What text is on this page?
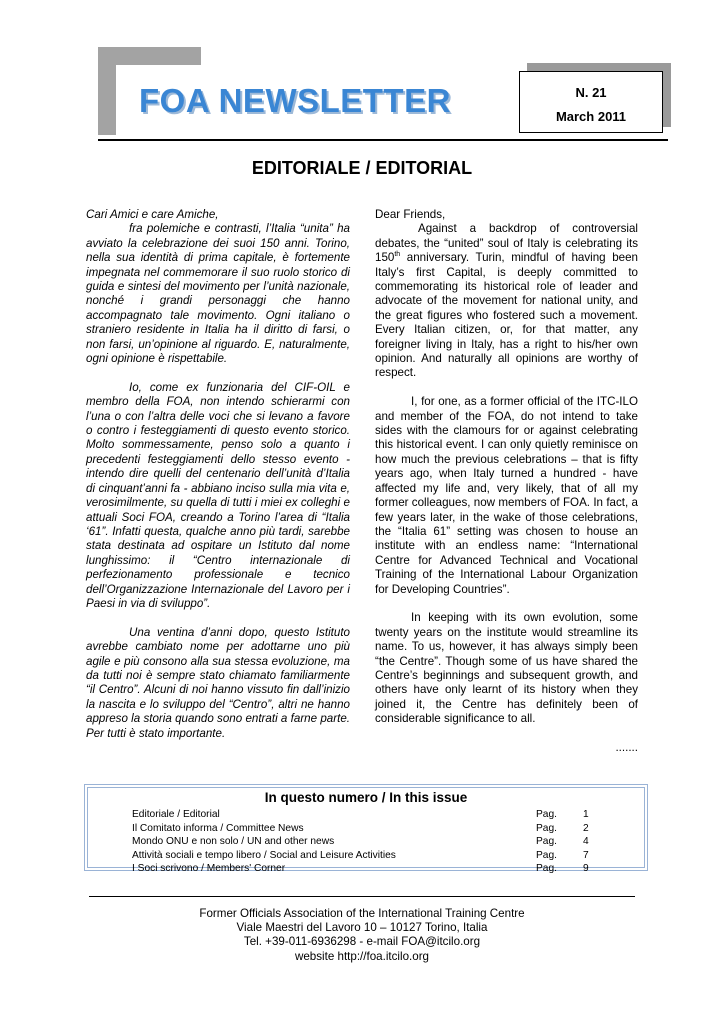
FOA NEWSLETTER	N. 21
March 2011
EDITORIALE / EDITORIAL

Cari Amici e care Amiche,

fra polemiche e contrasti, l’Italia “unita” ha avviato la celebrazione dei suoi 150 anni. Torino, nella sua identità di prima capitale, è fortemente impegnata nel commemorare il suo ruolo storico di guida e sintesi del movimento per l’unità nazionale, nonché i grandi personaggi che hanno accompagnato tale movimento. Ogni italiano o straniero residente in Italia ha il diritto di farsi, o non farsi, un’opinione al riguardo. E, naturalmente, ogni opinione è rispettabile.

Io, come ex funzionaria del CIF-OIL e membro della FOA, non intendo schierarmi con l’una o con l’altra delle voci che si levano a favore o contro i festeggiamenti di questo evento storico. Molto sommessamente, penso solo a quanto i precedenti festeggiamenti dello stesso evento - intendo dire quelli del centenario dell’unità d’Italia di cinquant’anni fa - abbiano inciso sulla mia vita e, verosimilmente, su quella di tutti i miei ex colleghi e attuali Soci FOA, creando a Torino l’area di “Italia ‘61”. Infatti questa, qualche anno più tardi, sarebbe stata destinata ad ospitare un Istituto dal nome lunghissimo: il “Centro internazionale di perfezionamento professionale e tecnico dell’Organizzazione Internazionale del Lavoro per i Paesi in via di sviluppo”.

Una ventina d’anni dopo, questo Istituto avrebbe cambiato nome per adottarne uno più agile e più consono alla sua stessa evoluzione, ma da tutti noi è sempre stato chiamato familiarmente “il Centro”. Alcuni di noi hanno vissuto fin dall’inizio la nascita e lo sviluppo del “Centro”, altri ne hanno appreso la storia quando sono entrati a farne parte. Per tutti è stato importante.

Dear Friends,

Against a backdrop of controversial debates, the “united” soul of Italy is celebrating its 150th anniversary. Turin, mindful of having been Italy’s first Capital, is deeply committed to commemorating its historical role of leader and advocate of the movement for national unity, and the great figures who fostered such a movement. Every Italian citizen, or, for that matter, any foreigner living in Italy, has a right to his/her own opinion. And naturally all opinions are worthy of respect.

I, for one, as a former official of the ITC-ILO and member of the FOA, do not intend to take sides with the clamours for or against celebrating this historical event. I can only quietly reminisce on how much the previous celebrations – that is fifty years ago, when Italy turned a hundred - have affected my life and, very likely, that of all my former colleagues, now members of FOA. In fact, a few years later, in the wake of those celebrations, the “Italia 61” setting was chosen to house an institute with an endless name: “International Centre for Advanced Technical and Vocational Training of the International Labour Organization for Developing Countries”.

In keeping with its own evolution, some twenty years on the institute would streamline its name. To us, however, it has always simply been “the Centre”. Though some of us have shared the Centre’s beginnings and subsequent growth, and others have only learnt of its history when they joined it, the Centre has definitely been of considerable significance to all.

.......

In questo numero / In this issue
Editoriale / Editorial	Pag.	1
Il Comitato informa / Committee News	Pag.	2
Mondo ONU e non solo / UN and other news	Pag.	4
Attività sociali e tempo libero / Social and Leisure Activities	Pag.	7
I Soci scrivono / Members' Corner	Pag.	9
Former Officials Association of the International Training Centre
Viale Maestri del Lavoro 10 – 10127 Torino, Italia
Tel. +39-011-6936298 - e-mail FOA@itcilo.org
website http://foa.itcilo.org
